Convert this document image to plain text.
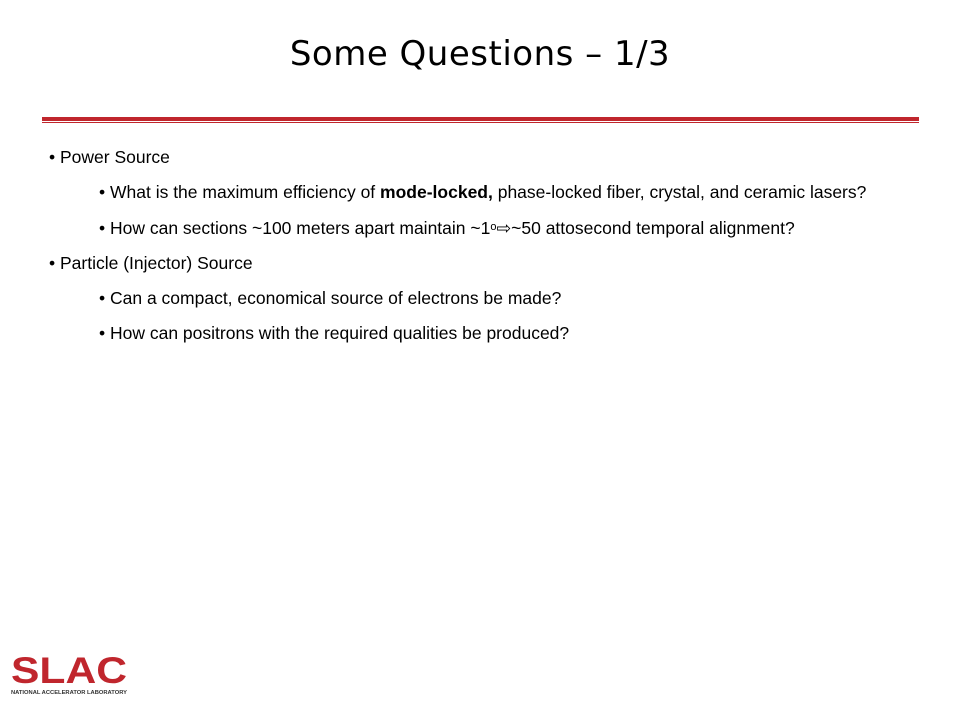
Some Questions – 1/3

• Power Source

• What is the maximum efficiency of mode-locked, phase-locked fiber, crystal, and ceramic lasers?

• How can sections ~100 meters apart maintain ~1$^o$⇨~50 attosecond temporal alignment?

• Particle (Injector) Source

• Can a compact, economical source of electrons be made?

• How can positrons with the required qualities be produced?

SLAC
NATIONAL ACCELERATOR LABORATORY
